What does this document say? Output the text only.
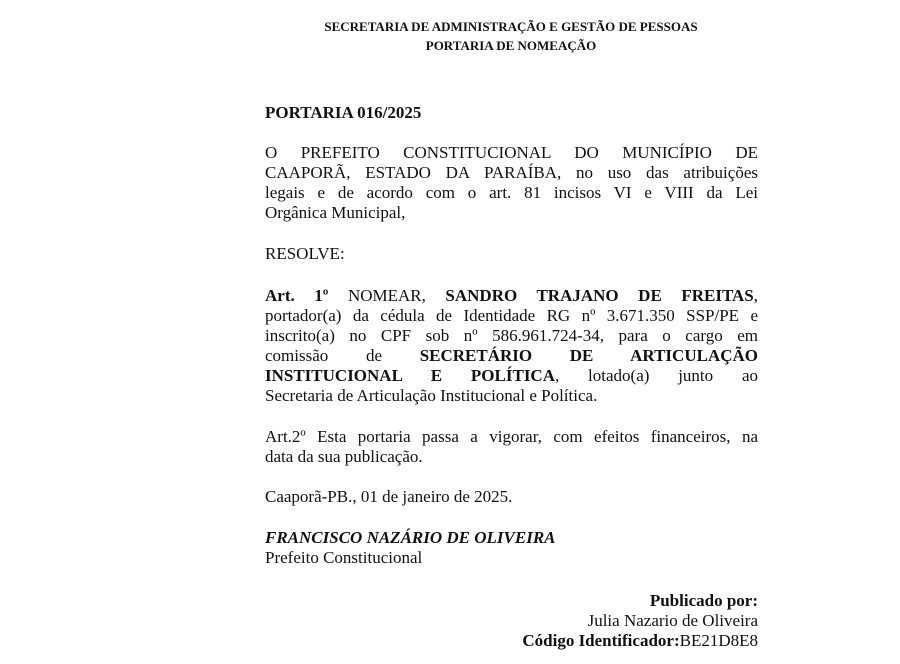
SECRETARIA DE ADMINISTRAÇÃO E GESTÃO DE PESSOAS
PORTARIA DE NOMEAÇÃO
PORTARIA 016/2025
O PREFEITO CONSTITUCIONAL DO MUNICÍPIO DE
CAAPORÃ, ESTADO DA PARAÍBA, no uso das atribuições
legais e de acordo com o art. 81 incisos VI e VIII da Lei
Orgânica Municipal,
RESOLVE:
Art. 1º NOMEAR, SANDRO TRAJANO DE FREITAS,
portador(a) da cédula de Identidade RG nº 3.671.350 SSP/PE e
inscrito(a) no CPF sob nº 586.961.724-34, para o cargo em
comissão de SECRETÁRIO DE ARTICULAÇÃO
INSTITUCIONAL E POLÍTICA, lotado(a) junto ao
Secretaria de Articulação Institucional e Política.
Art.2º Esta portaria passa a vigorar, com efeitos financeiros, na
data da sua publicação.
Caaporã-PB., 01 de janeiro de 2025.
FRANCISCO NAZÁRIO DE OLIVEIRA
Prefeito Constitucional
Publicado por:
Julia Nazario de Oliveira
Código Identificador:BE21D8E8
